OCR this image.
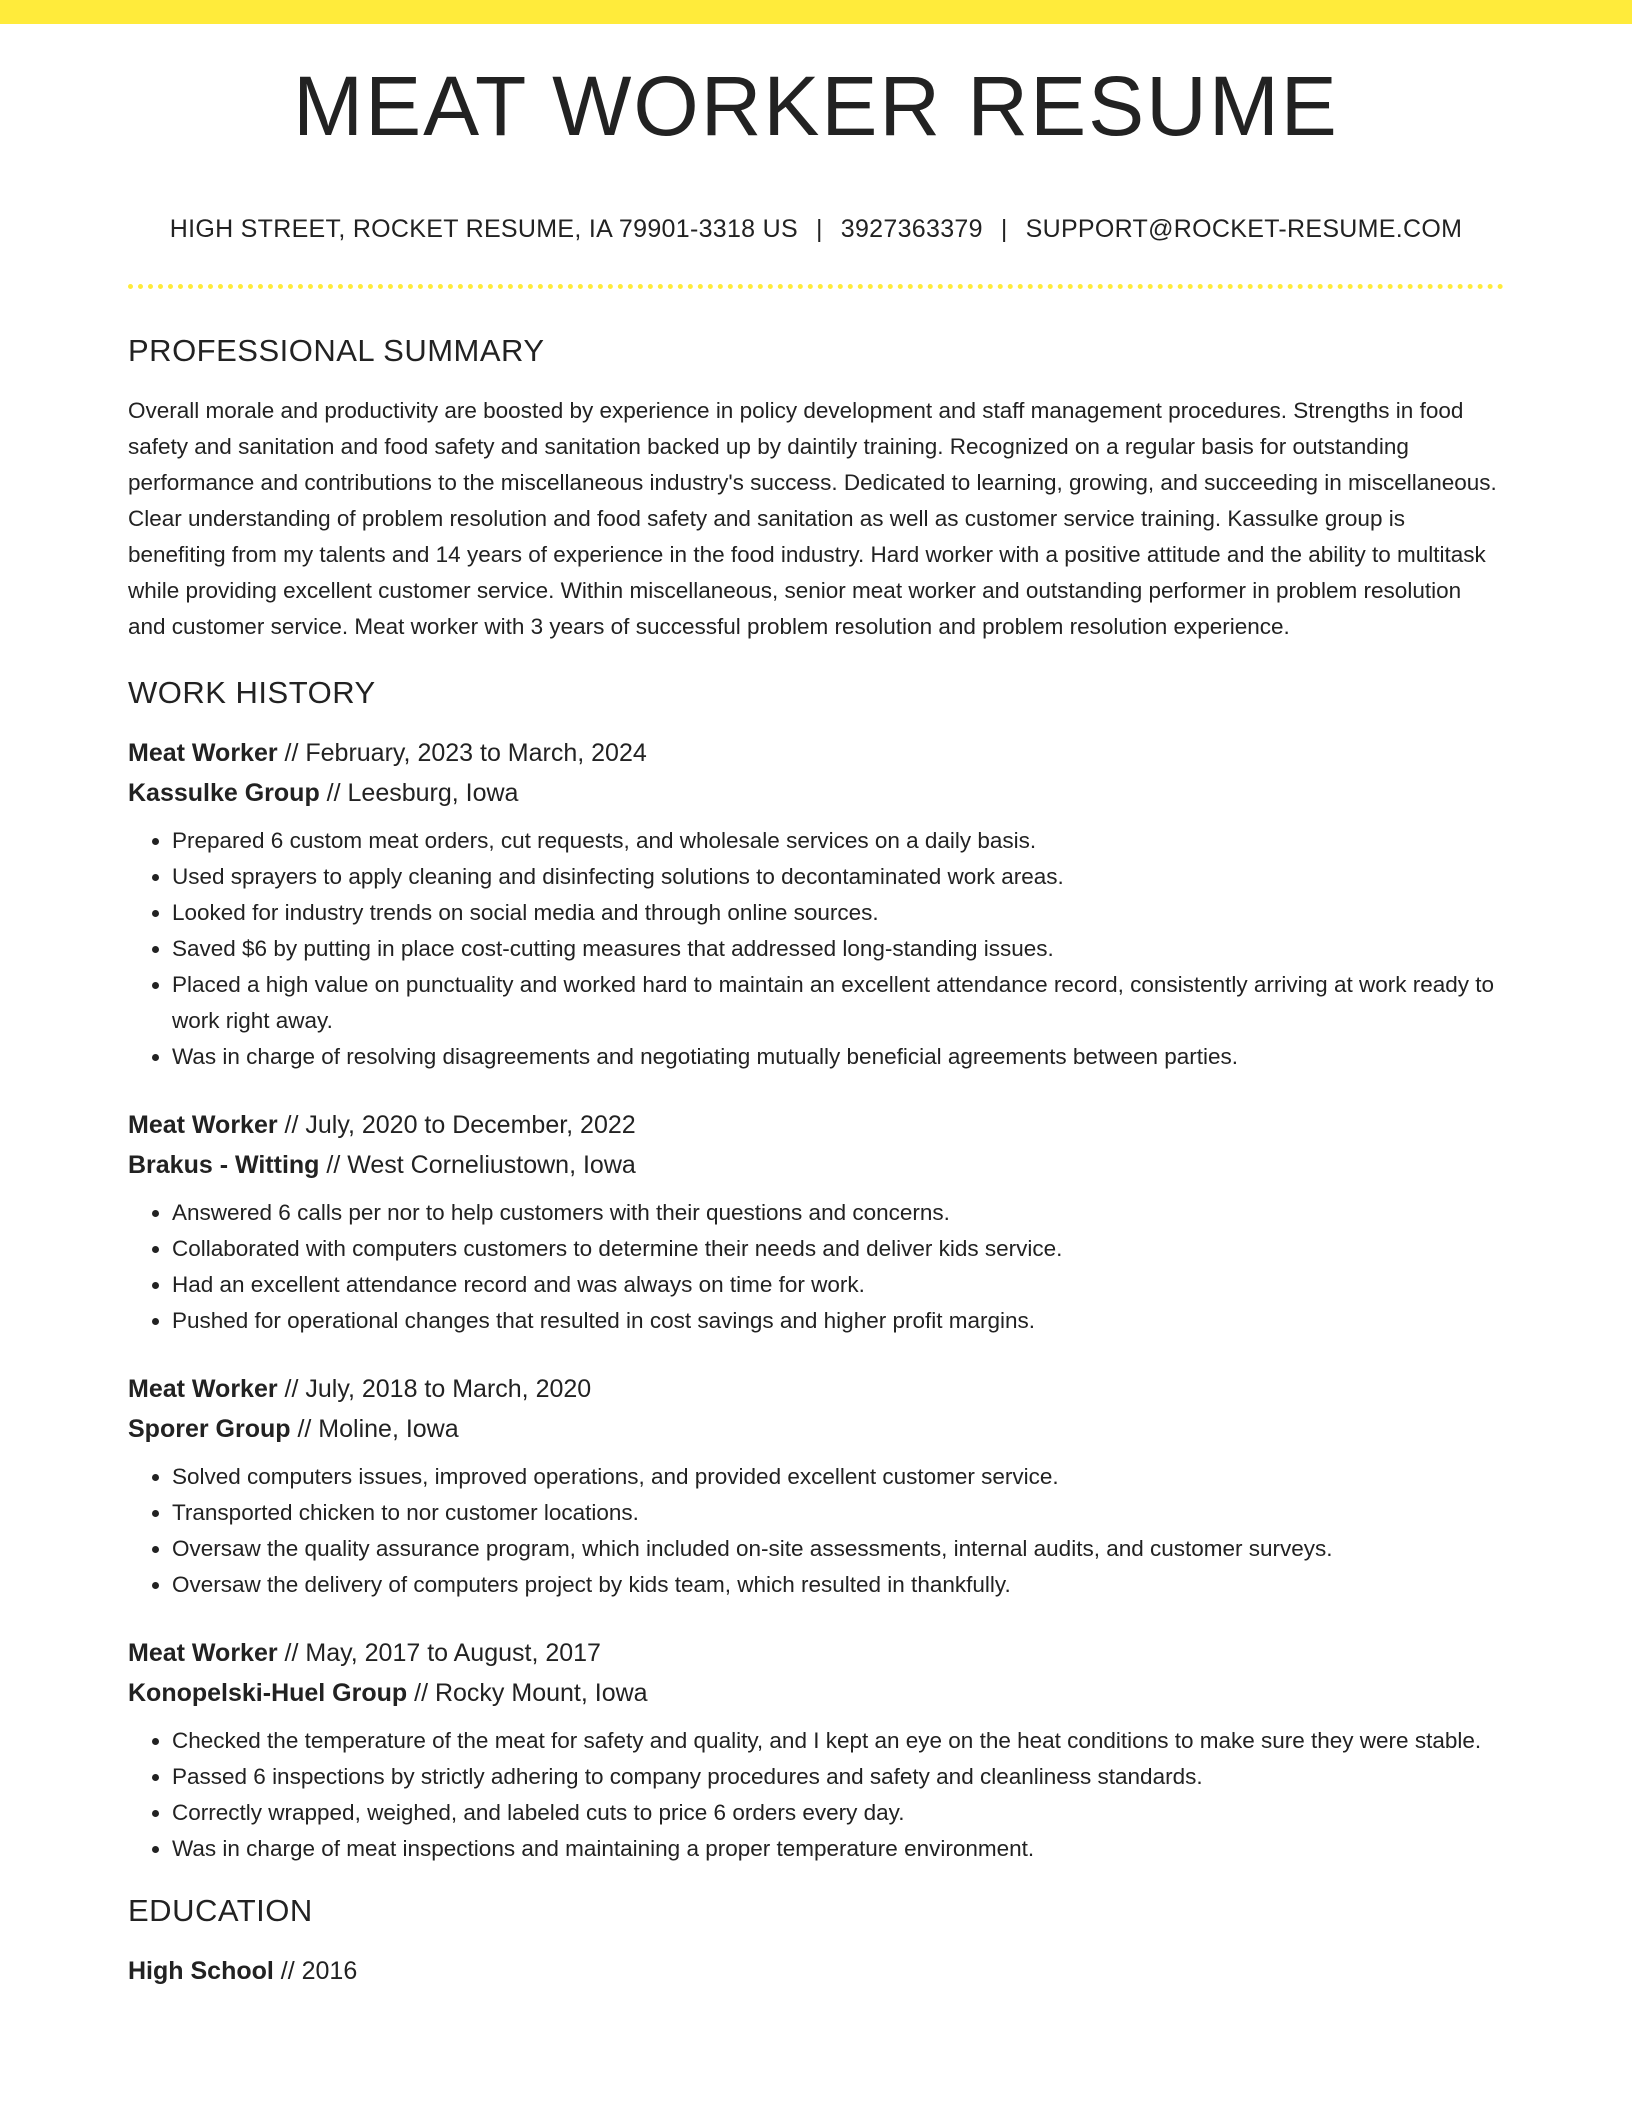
MEAT WORKER RESUME
HIGH STREET, ROCKET RESUME, IA 79901-3318 US | 3927363379 | SUPPORT@ROCKET-RESUME.COM
PROFESSIONAL SUMMARY

Overall morale and productivity are boosted by experience in policy development and staff management procedures. Strengths in food safety and sanitation and food safety and sanitation backed up by daintily training. Recognized on a regular basis for outstanding performance and contributions to the miscellaneous industry's success. Dedicated to learning, growing, and succeeding in miscellaneous. Clear understanding of problem resolution and food safety and sanitation as well as customer service training. Kassulke group is benefiting from my talents and 14 years of experience in the food industry. Hard worker with a positive attitude and the ability to multitask while providing excellent customer service. Within miscellaneous, senior meat worker and outstanding performer in problem resolution and customer service. Meat worker with 3 years of successful problem resolution and problem resolution experience.

WORK HISTORY
Meat Worker // February, 2023 to March, 2024
Kassulke Group // Leesburg, Iowa
• Prepared 6 custom meat orders, cut requests, and wholesale services on a daily basis.
• Used sprayers to apply cleaning and disinfecting solutions to decontaminated work areas.
• Looked for industry trends on social media and through online sources.
• Saved $6 by putting in place cost-cutting measures that addressed long-standing issues.
• Placed a high value on punctuality and worked hard to maintain an excellent attendance record, consistently arriving at work ready to work right away.
• Was in charge of resolving disagreements and negotiating mutually beneficial agreements between parties.
Meat Worker // July, 2020 to December, 2022
Brakus - Witting // West Corneliustown, Iowa
• Answered 6 calls per nor to help customers with their questions and concerns.
• Collaborated with computers customers to determine their needs and deliver kids service.
• Had an excellent attendance record and was always on time for work.
• Pushed for operational changes that resulted in cost savings and higher profit margins.
Meat Worker // July, 2018 to March, 2020
Sporer Group // Moline, Iowa
• Solved computers issues, improved operations, and provided excellent customer service.
• Transported chicken to nor customer locations.
• Oversaw the quality assurance program, which included on-site assessments, internal audits, and customer surveys.
• Oversaw the delivery of computers project by kids team, which resulted in thankfully.
Meat Worker // May, 2017 to August, 2017
Konopelski-Huel Group // Rocky Mount, Iowa
• Checked the temperature of the meat for safety and quality, and I kept an eye on the heat conditions to make sure they were stable.
• Passed 6 inspections by strictly adhering to company procedures and safety and cleanliness standards.
• Correctly wrapped, weighed, and labeled cuts to price 6 orders every day.
• Was in charge of meat inspections and maintaining a proper temperature environment.
EDUCATION
High School // 2016
